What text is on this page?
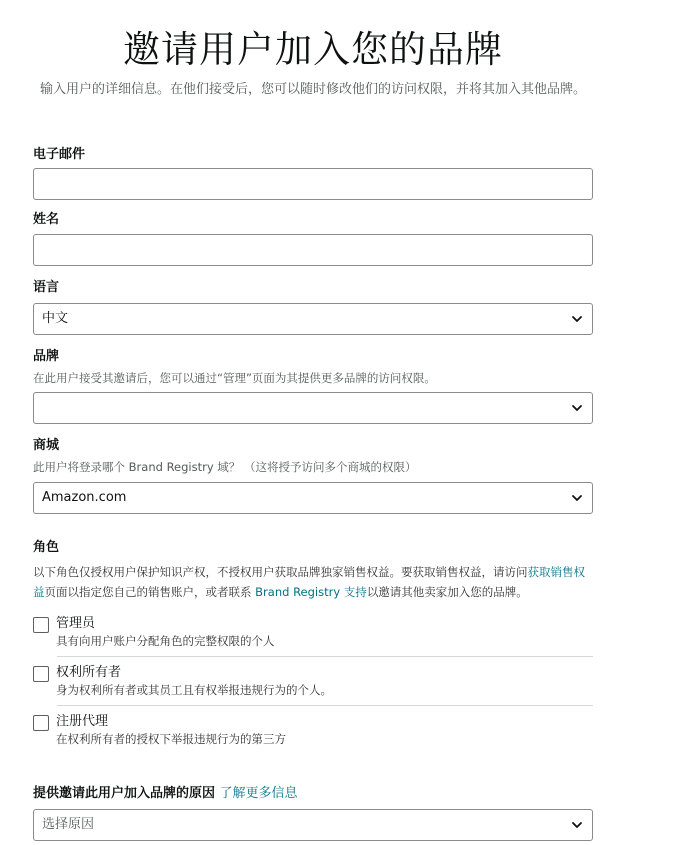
邀请用户加入您的品牌
输入用户的详细信息。在他们接受后，您可以随时修改他们的访问权限，并将其加入其他品牌。
电子邮件
姓名
语言
中文
品牌
在此用户接受其邀请后，您可以通过“管理”页面为其提供更多品牌的访问权限。
商城
此用户将登录哪个 Brand Registry 域？ （这将授予访问多个商城的权限）
Amazon.com
角色
以下角色仅授权用户保护知识产权，不授权用户获取品牌独家销售权益。要获取销售权益，请访问获取销售权益页面以指定您自己的销售账户，或者联系 Brand Registry 支持以邀请其他卖家加入您的品牌。
管理员
具有向用户账户分配角色的完整权限的个人
权利所有者
身为权利所有者或其员工且有权举报违规行为的个人。
注册代理
在权利所有者的授权下举报违规行为的第三方
提供邀请此用户加入品牌的原因 了解更多信息
选择原因
